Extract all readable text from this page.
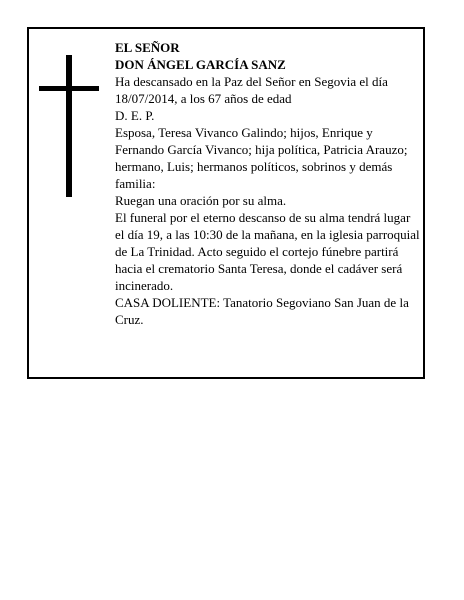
EL SEÑOR

DON ÁNGEL GARCÍA SANZ

Ha descansado en la Paz del Señor en Segovia el día 18/07/2014, a los 67 años de edad

D. E. P.

Esposa, Teresa Vivanco Galindo; hijos, Enrique y Fernando García Vivanco; hija política, Patricia Arauzo; hermano, Luis; hermanos políticos, sobrinos y demás familia:

Ruegan una oración por su alma.

El funeral por el eterno descanso de su alma tendrá lugar el día 19, a las 10:30 de la mañana, en la iglesia parroquial de La Trinidad. Acto seguido el cortejo fúnebre partirá hacia el crematorio Santa Teresa, donde el cadáver será incinerado.

CASA DOLIENTE: Tanatorio Segoviano San Juan de la Cruz.
